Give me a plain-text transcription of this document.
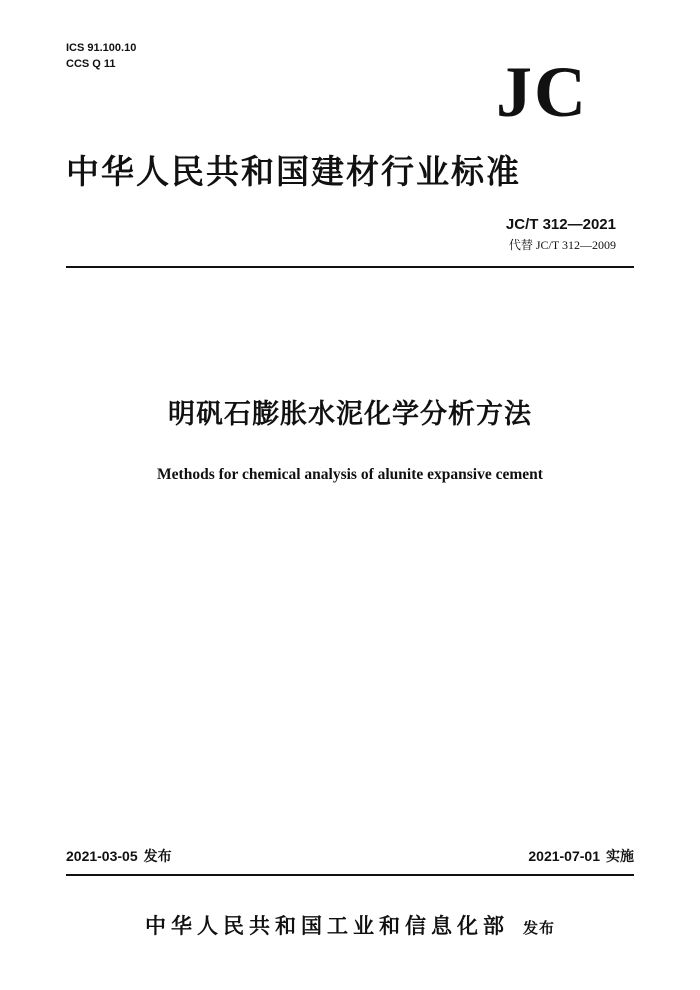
ICS 91.100.10
CCS Q 11	JC
中华人民共和国建材行业标准
JC/T 312—2021
代替 JC/T 312—2009
明矾石膨胀水泥化学分析方法
Methods for chemical analysis of alunite expansive cement
2021-03-05 发布	2021-07-01 实施
中华人民共和国工业和信息化部 发布
